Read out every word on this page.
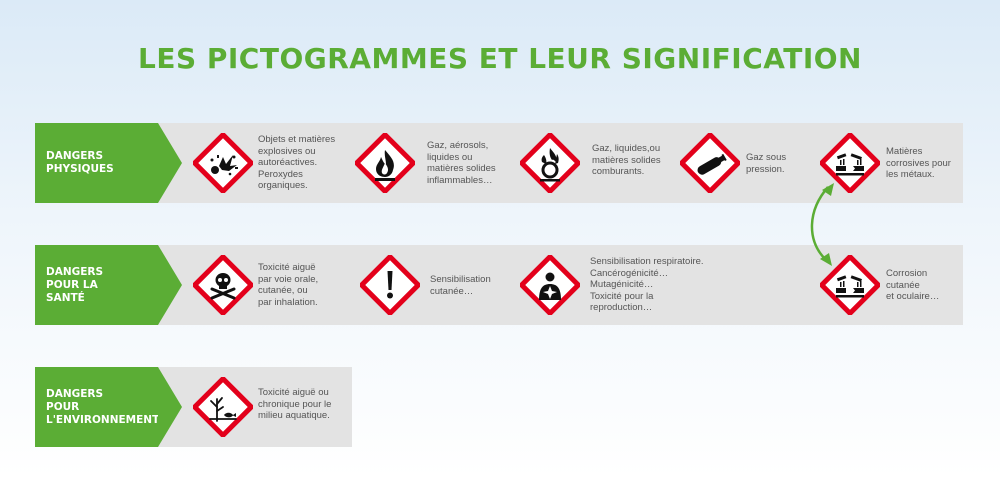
LES PICTOGRAMMES ET LEUR SIGNIFICATION
DANGERS
PHYSIQUES
Objets et matières
explosives ou
autoréactives.
Peroxydes
organiques.
Gaz, aérosols,
liquides ou
matières solides
inflammables…
Gaz, liquides,ou
matières solides
comburants.
Gaz sous
pression.
Matières
corrosives pour
les métaux.
DANGERS
POUR LA
SANTÉ
Toxicité aiguë
par voie orale,
cutanée, ou
par inhalation.
Sensibilisation
cutanée…
Sensibilisation respiratoire.
Cancérogénicité…
Mutagénicité…
Toxicité pour la
reproduction…
Corrosion
cutanée
et oculaire…
DANGERS
POUR
L'ENVIRONNEMENT
Toxicité aiguë ou
chronique pour le
milieu aquatique.
